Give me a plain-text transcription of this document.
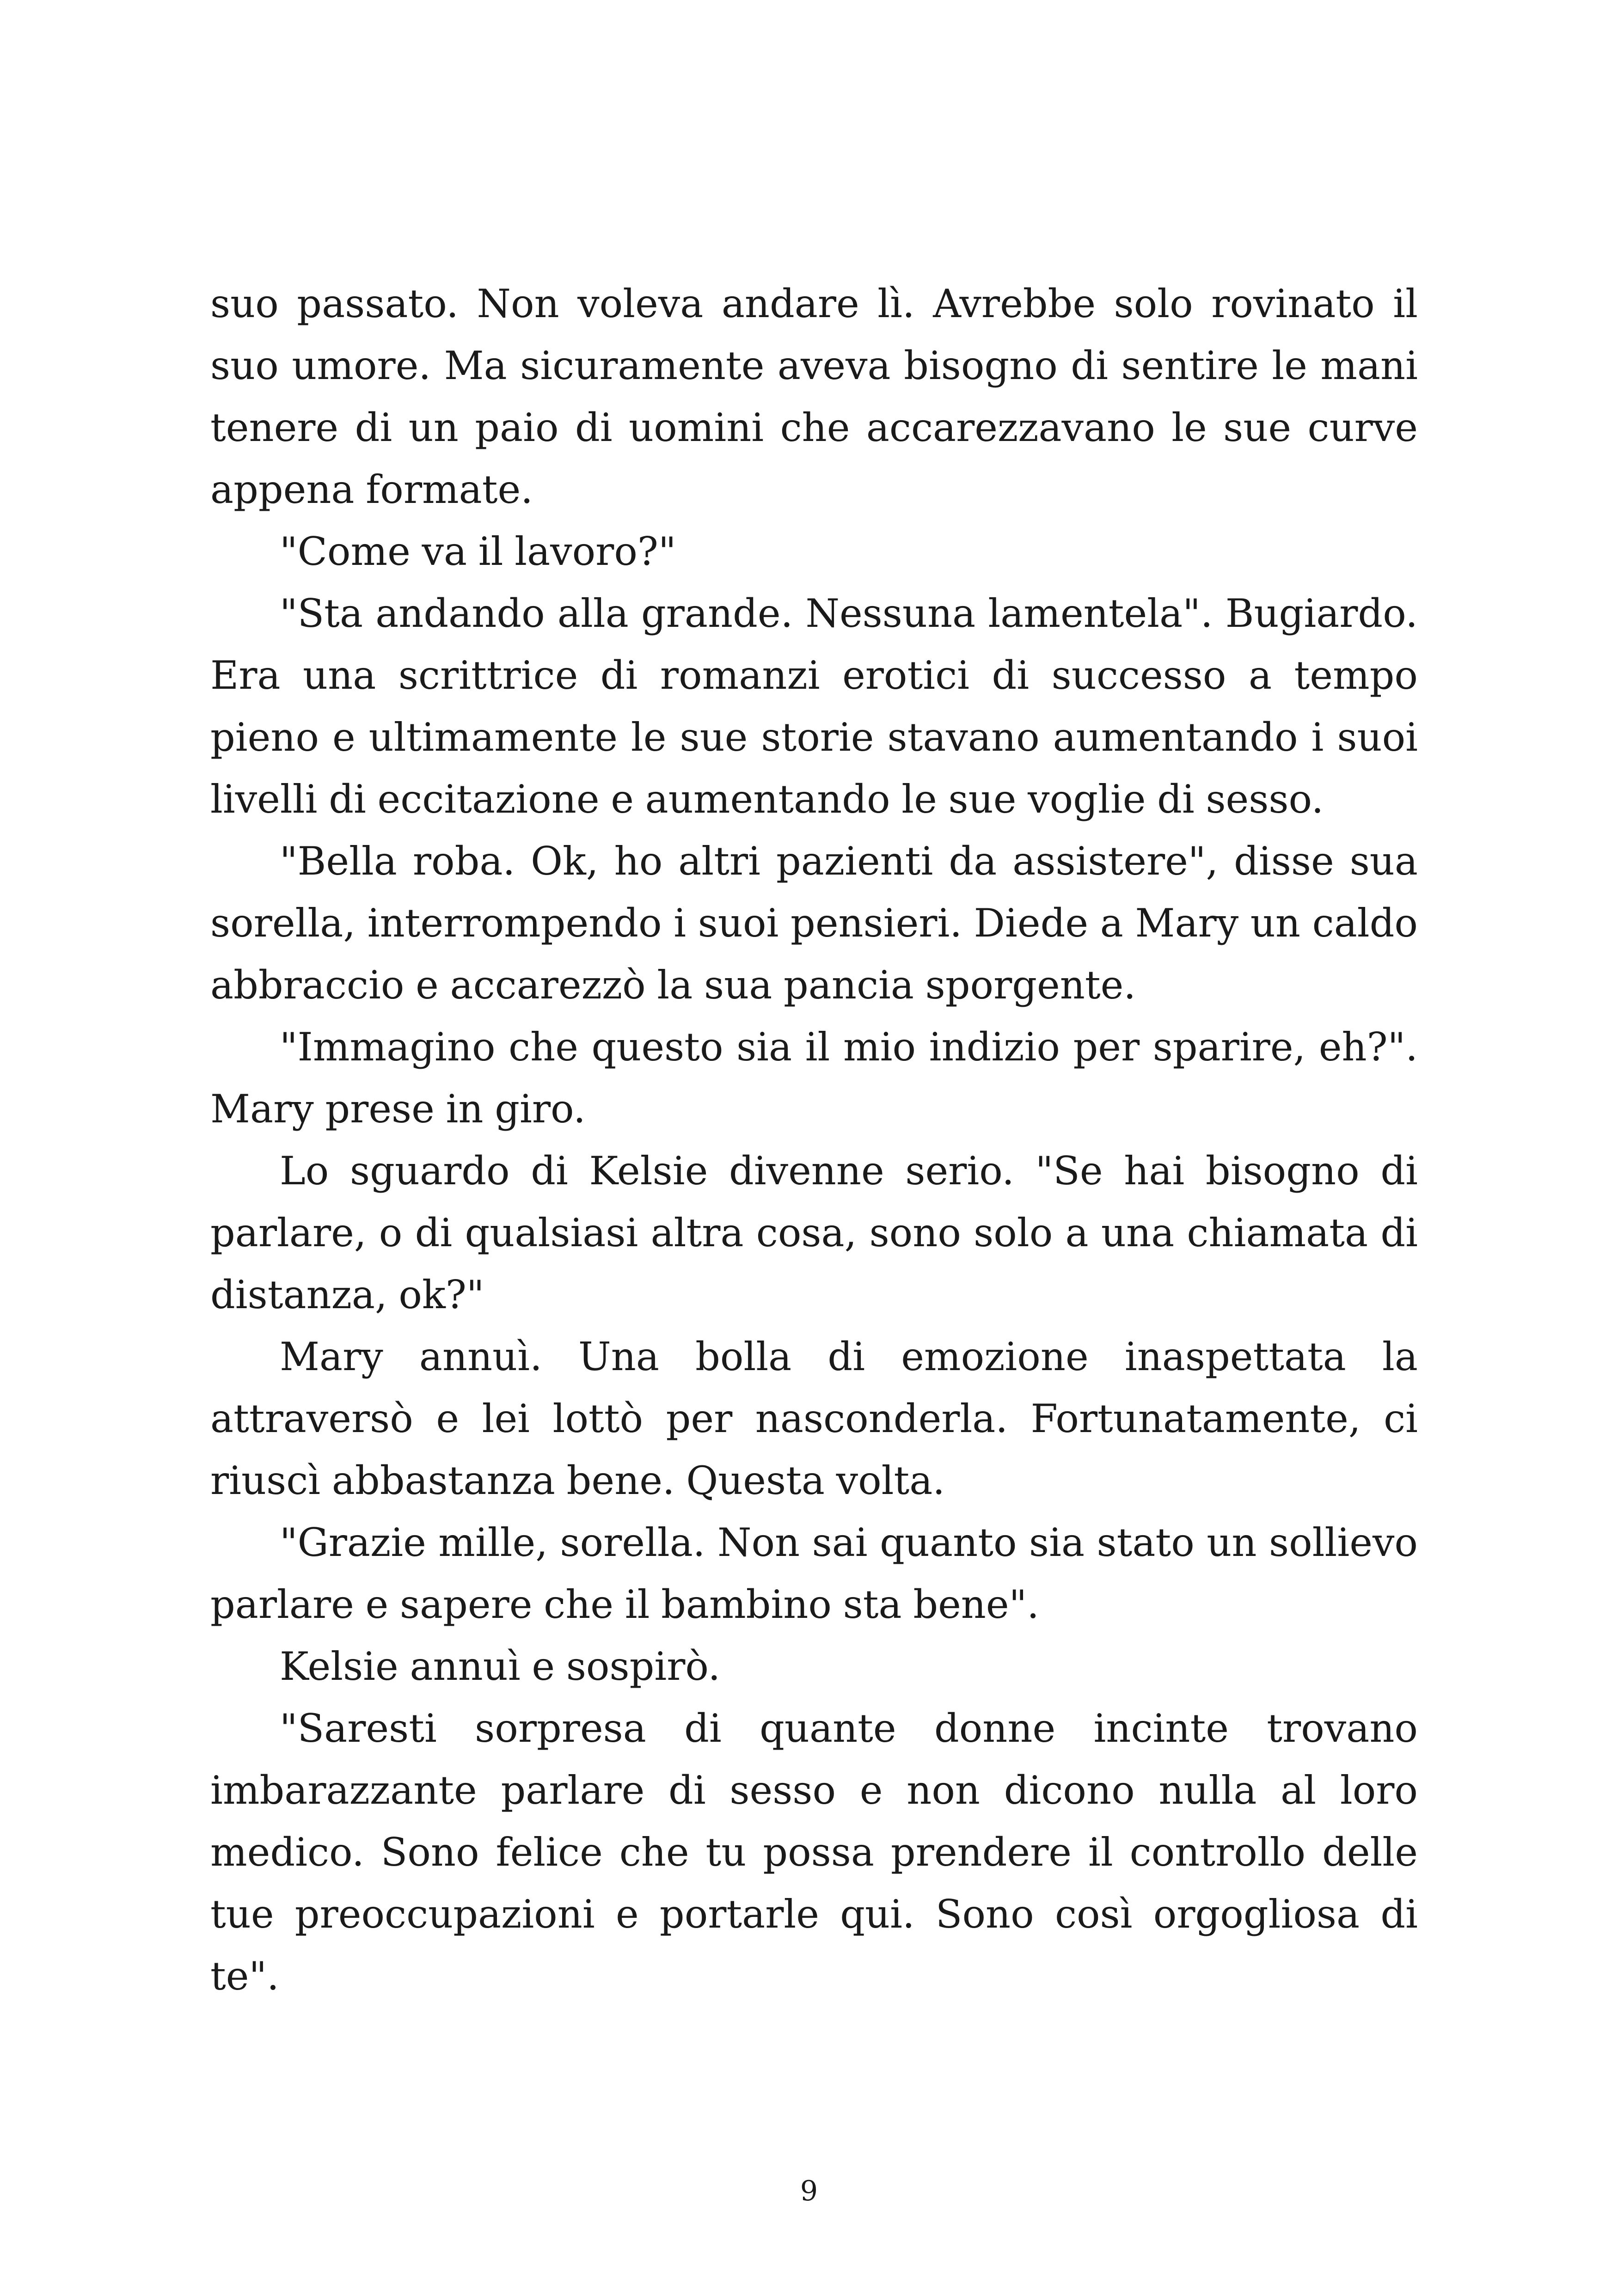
suo passato. Non voleva andare lì. Avrebbe solo rovinato il suo umore. Ma sicuramente aveva bisogno di sentire le mani tenere di un paio di uomini che accarezzavano le sue curve appena formate.

"Come va il lavoro?"

"Sta andando alla grande. Nessuna lamentela". Bugiardo. Era una scrittrice di romanzi erotici di successo a tempo pieno e ultimamente le sue storie stavano aumentando i suoi livelli di eccitazione e aumentando le sue voglie di sesso.

"Bella roba. Ok, ho altri pazienti da assistere", disse sua sorella, interrompendo i suoi pensieri. Diede a Mary un caldo abbraccio e accarezzò la sua pancia sporgente.

"Immagino che questo sia il mio indizio per sparire, eh?". Mary prese in giro.

Lo sguardo di Kelsie divenne serio. "Se hai bisogno di parlare, o di qualsiasi altra cosa, sono solo a una chiamata di distanza, ok?"

Mary annuì. Una bolla di emozione inaspettata la attraversò e lei lottò per nasconderla. Fortunatamente, ci riuscì abbastanza bene. Questa volta.

"Grazie mille, sorella. Non sai quanto sia stato un sollievo parlare e sapere che il bambino sta bene".

Kelsie annuì e sospirò.

"Saresti sorpresa di quante donne incinte trovano imbarazzante parlare di sesso e non dicono nulla al loro medico. Sono felice che tu possa prendere il controllo delle tue preoccupazioni e portarle qui. Sono così orgogliosa di te".

9
